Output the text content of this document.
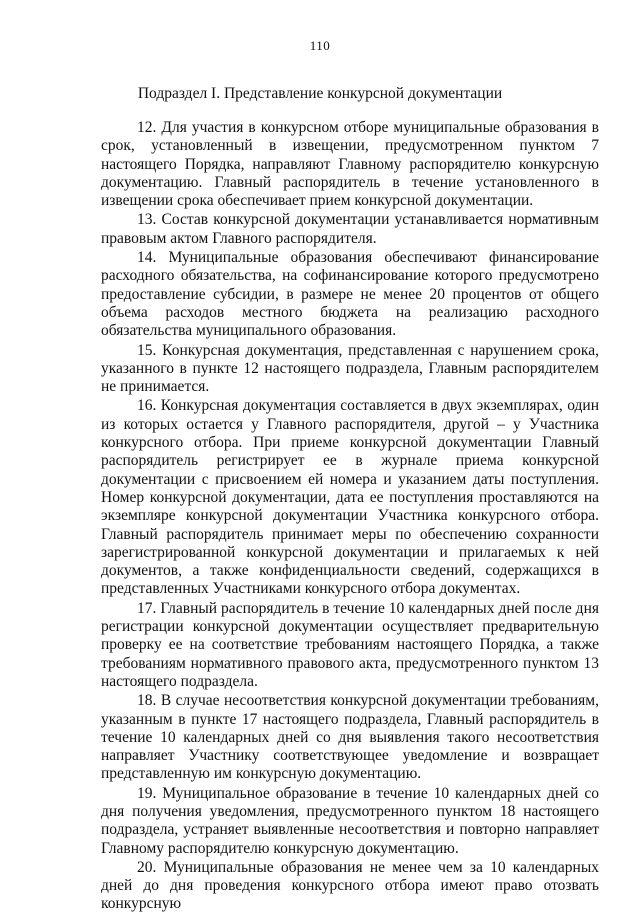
110
Подраздел I. Представление конкурсной документации

12. Для участия в конкурсном отборе муниципальные образования в срок, установленный в извещении, предусмотренном пунктом 7 настоящего Порядка, направляют Главному распорядителю конкурсную документацию. Главный распорядитель в течение установленного в извещении срока обеспечивает прием конкурсной документации.

13. Состав конкурсной документации устанавливается нормативным правовым актом Главного распорядителя.

14. Муниципальные образования обеспечивают финансирование расходного обязательства, на софинансирование которого предусмотрено предоставление субсидии, в размере не менее 20 процентов от общего объема расходов местного бюджета на реализацию расходного обязательства муниципального образования.

15. Конкурсная документация, представленная с нарушением срока, указанного в пункте 12 настоящего подраздела, Главным распорядителем не принимается.

16. Конкурсная документация составляется в двух экземплярах, один из которых остается у Главного распорядителя, другой – у Участника конкурсного отбора. При приеме конкурсной документации Главный распорядитель регистрирует ее в журнале приема конкурсной документации с присвоением ей номера и указанием даты поступления. Номер конкурсной документации, дата ее поступления проставляются на экземпляре конкурсной документации Участника конкурсного отбора. Главный распорядитель принимает меры по обеспечению сохранности зарегистрированной конкурсной документации и прилагаемых к ней документов, а также конфиденциальности сведений, содержащихся в представленных Участниками конкурсного отбора документах.

17. Главный распорядитель в течение 10 календарных дней после дня регистрации конкурсной документации осуществляет предварительную проверку ее на соответствие требованиям настоящего Порядка, а также требованиям нормативного правового акта, предусмотренного пунктом 13 настоящего подраздела.

18. В случае несоответствия конкурсной документации требованиям, указанным в пункте 17 настоящего подраздела, Главный распорядитель в течение 10 календарных дней со дня выявления такого несоответствия направляет Участнику соответствующее уведомление и возвращает представленную им конкурсную документацию.

19. Муниципальное образование в течение 10 календарных дней со дня получения уведомления, предусмотренного пунктом 18 настоящего подраздела, устраняет выявленные несоответствия и повторно направляет Главному распорядителю конкурсную документацию.

20. Муниципальные образования не менее чем за 10 календарных дней до дня проведения конкурсного отбора имеют право отозвать конкурсную
